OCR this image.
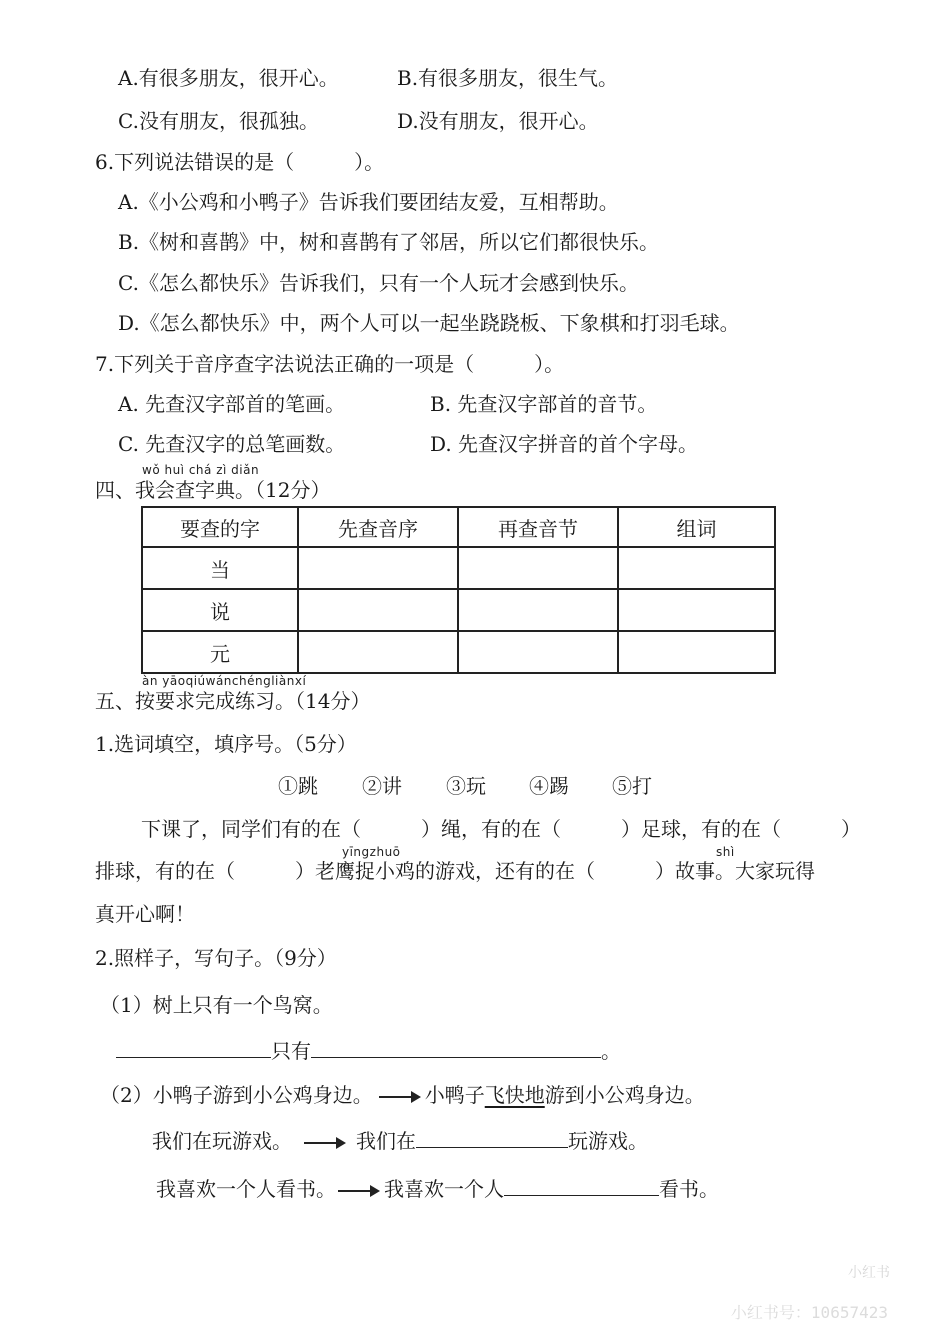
A.有很多朋友，很开心。	B.有很多朋友，很生气。
C.没有朋友，很孤独。	D.没有朋友，很开心。
6.下列说法错误的是（　　　）。
A.《小公鸡和小鸭子》告诉我们要团结友爱，互相帮助。
B.《树和喜鹊》中，树和喜鹊有了邻居，所以它们都很快乐。
C.《怎么都快乐》告诉我们，只有一个人玩才会感到快乐。
D.《怎么都快乐》中，两个人可以一起坐跷跷板、下象棋和打羽毛球。
7.下列关于音序查字法说法正确的一项是（　　　）。
A. 先查汉字部首的笔画。	B. 先查汉字部首的音节。
C. 先查汉字的总笔画数。	D. 先查汉字拼音的首个字母。
wǒ huì chá zì diǎn
四、我会查字典。（12分）
要查的字	先查音序	再查音节	组词
当			
说			
元			
àn yāoqiúwánchéngliànxí
五、按要求完成练习。（14分）
1.选词填空，填序号。（5分）
①跳 ②讲 ③玩 ④踢 ⑤打
下课了，同学们有的在（　　　）绳，有的在（　　　）足球，有的在（　　　）
yīngzhuō	shì
排球，有的在（　　　）老鹰捉小鸡的游戏，还有的在（　　　）故事。大家玩得
真开心啊！
2.照样子，写句子。（9分）
（1）树上只有一个鸟窝。
只有	。
（2）小鸭子游到小公鸡身边。	小鸭子飞快地游到小公鸡身边。
我们在玩游戏。	我们在	玩游戏。
我喜欢一个人看书。 我喜欢一个人	看书。
小红书
小红书号：10657423
